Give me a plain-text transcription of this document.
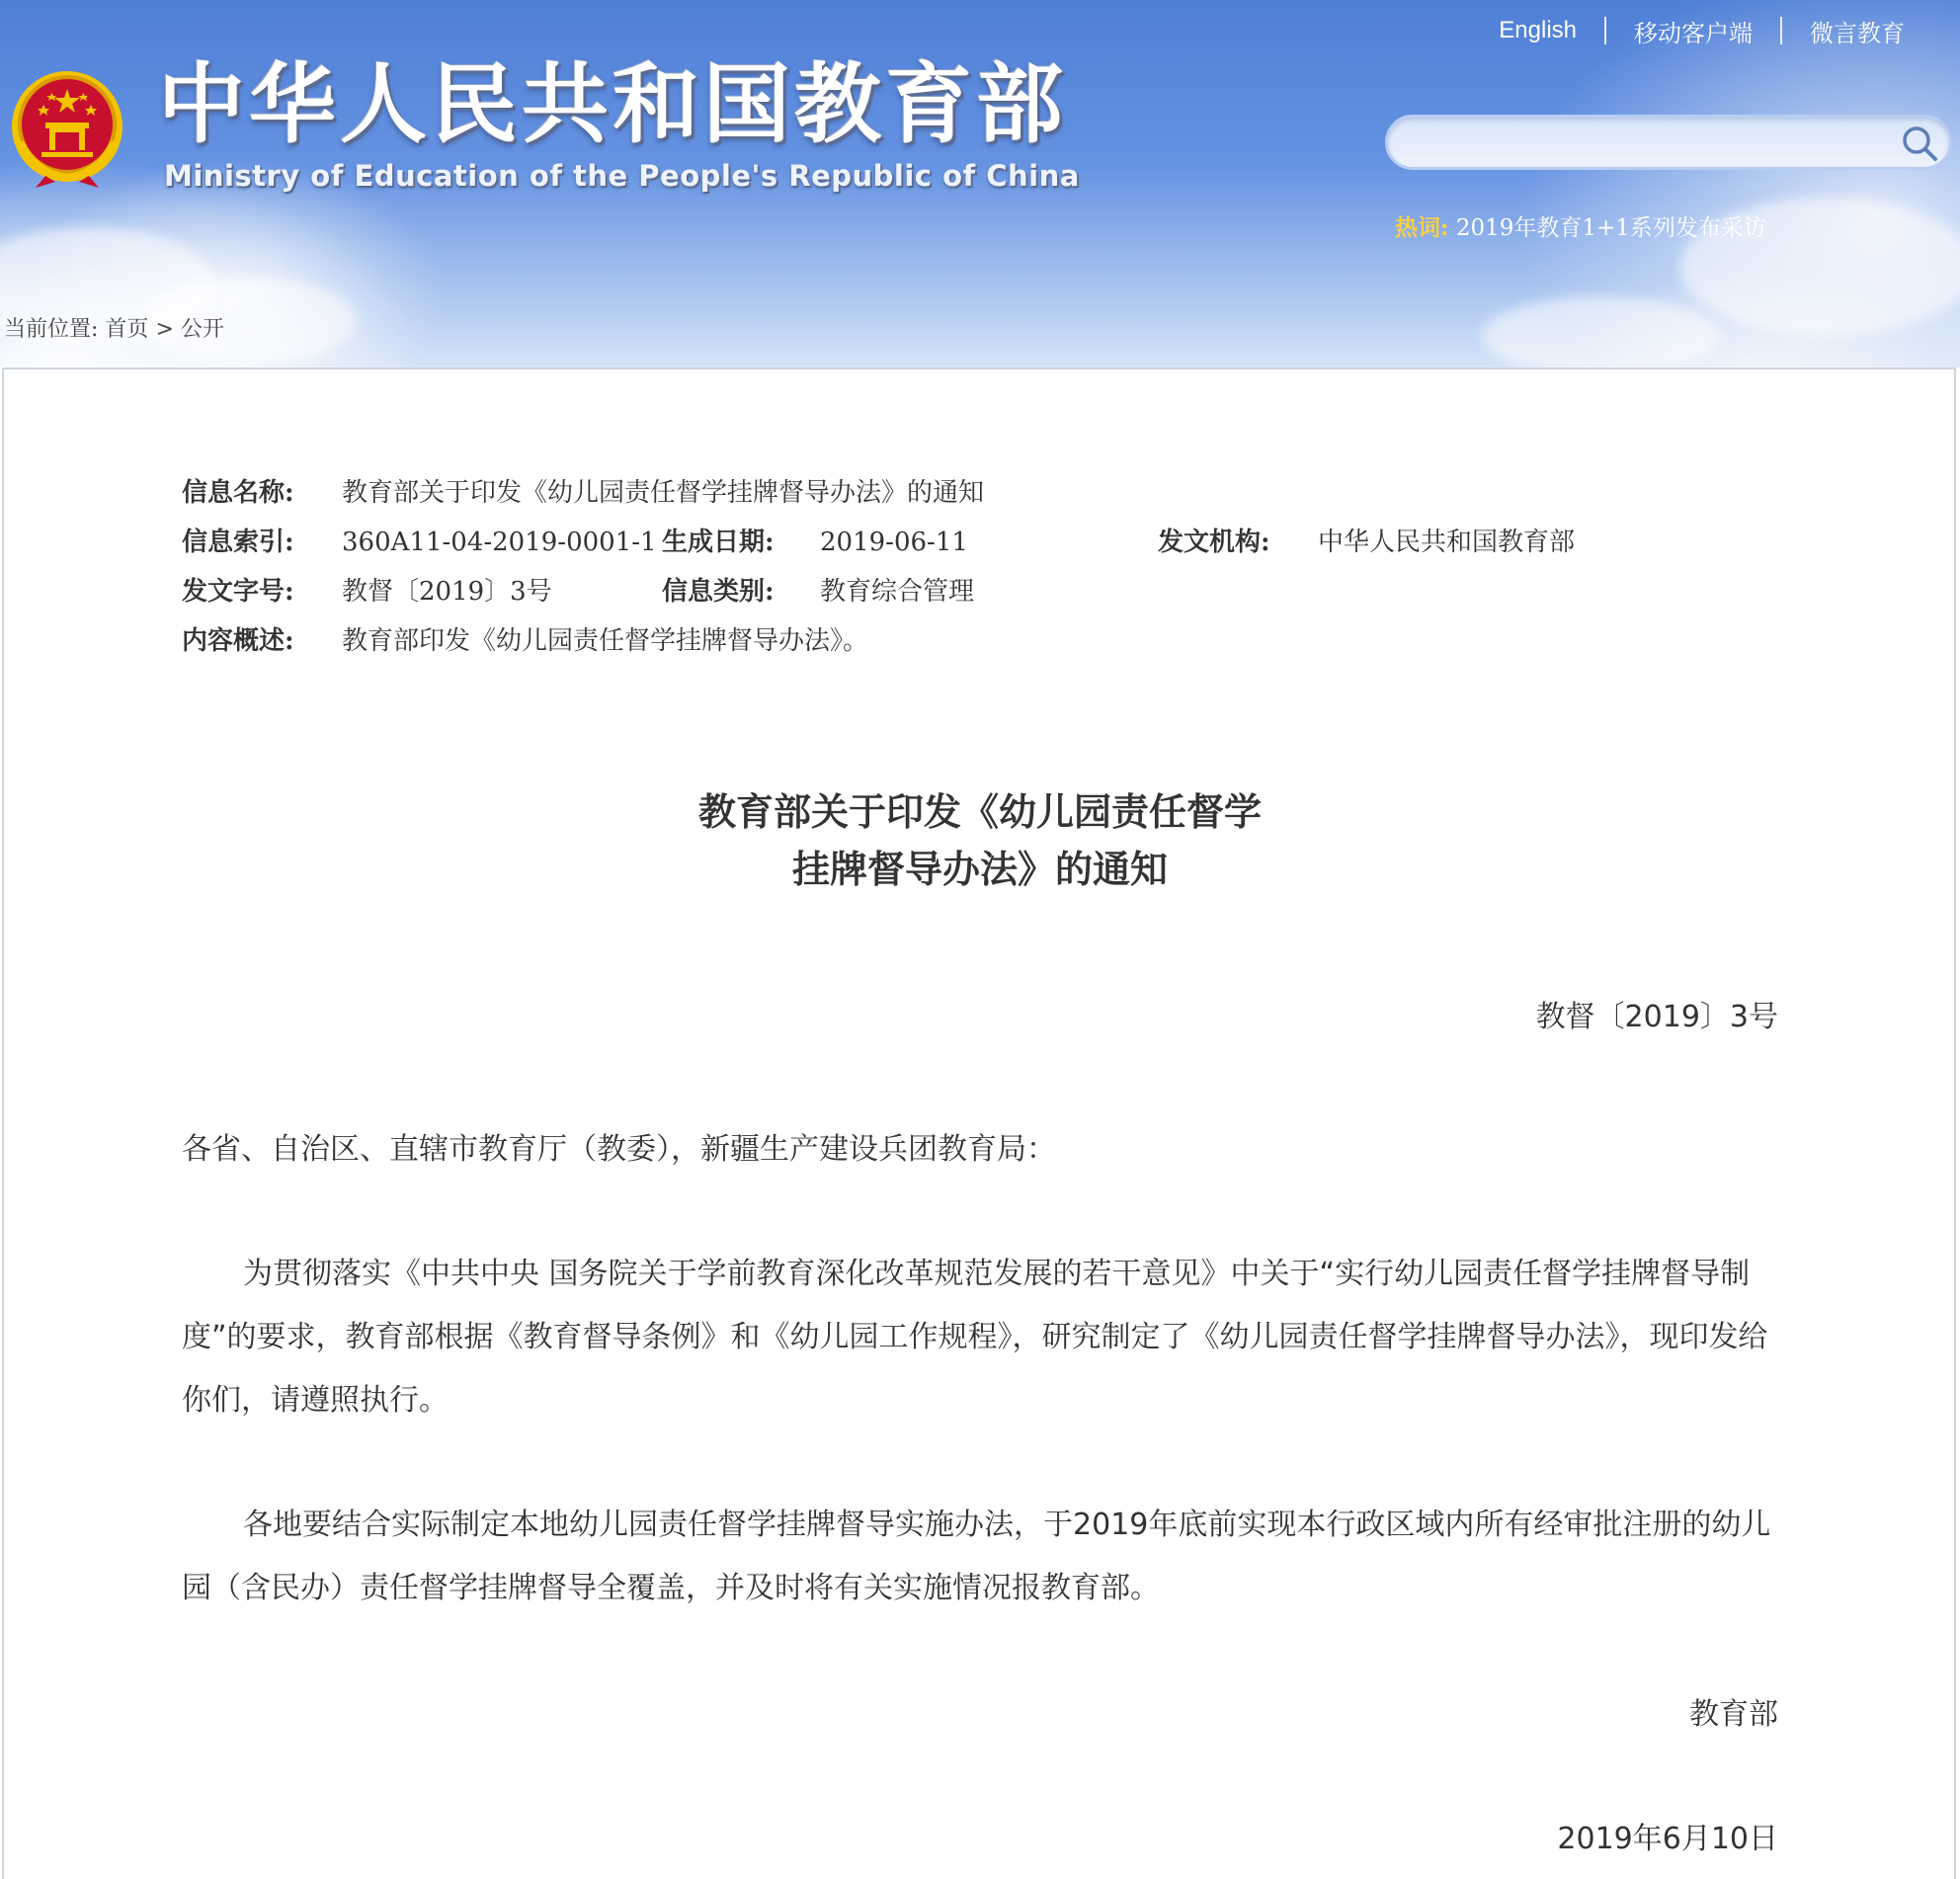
中华人民共和国教育部
Ministry of Education of the People's Republic of China
English 移动客户端 微言教育
热词: 2019年教育1+1系列发布采访
当前位置: 首页 > 公开
信息名称: 教育部关于印发《幼儿园责任督学挂牌督导办法》的通知
信息索引: 360A11-04-2019-0001-1 生成日期: 2019-06-11	发文机构: 中华人民共和国教育部
发文字号: 教督〔2019〕3号	信息类别: 教育综合管理
内容概述: 教育部印发《幼儿园责任督学挂牌督导办法》。
教育部关于印发《幼儿园责任督学
挂牌督导办法》的通知
教督〔2019〕3号
各省、自治区、直辖市教育厅（教委），新疆生产建设兵团教育局：

为贯彻落实《中共中央 国务院关于学前教育深化改革规范发展的若干意见》中关于“实行幼儿园责任督学挂牌督导制度”的要求，教育部根据《教育督导条例》和《幼儿园工作规程》，研究制定了《幼儿园责任督学挂牌督导办法》，现印发给你们，请遵照执行。

各地要结合实际制定本地幼儿园责任督学挂牌督导实施办法，于2019年底前实现本行政区域内所有经审批注册的幼儿园（含民办）责任督学挂牌督导全覆盖，并及时将有关实施情况报教育部。

教育部
2019年6月10日
